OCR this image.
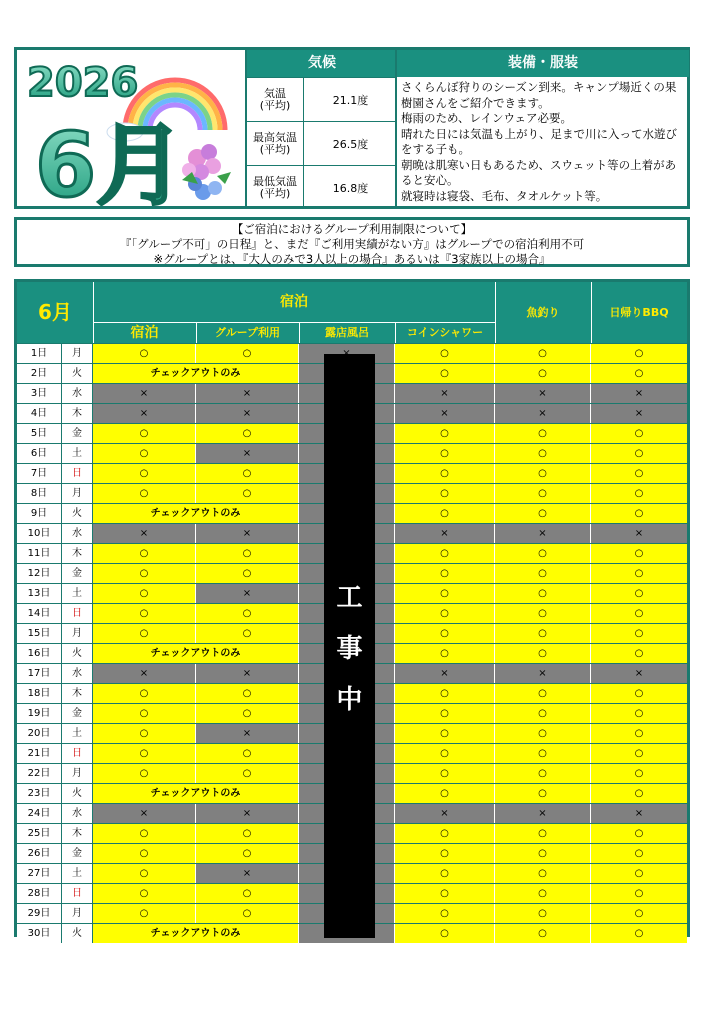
2026
6月
気候
気温
(平均)	21.1度
最高気温
(平均)	26.5度
最低気温
(平均)	16.8度
装備・服装
さくらんぼ狩りのシーズン到来。キャンプ場近くの果樹園さんをご紹介できます。
梅雨のため、レインウェア必要。
晴れた日には気温も上がり、足まで川に入って水遊びをする子も。
朝晩は肌寒い日もあるため、スウェット等の上着があると安心。
就寝時は寝袋、毛布、タオルケット等。
【ご宿泊におけるグループ利用制限について】
『「グループ不可」の日程』と、まだ『ご利用実績がない方』はグループでの宿泊利用不可
※グループとは、『大人のみで3人以上の場合』あるいは『3家族以上の場合』
6月	宿泊
宿泊	グループ利用	露店風呂	コインシャワー
魚釣り	日帰りBBQ
1日	月	○	○	○	○	○
2日	火	チェックアウトのみ	○	○	○
3日	水	×	×	×	×	×
4日	木	×	×	×	×	×
5日	金	○	○	○	○	○
6日	土	○	×	○	○	○
7日	日	○	○	○	○	○
8日	月	○	○	○	○	○
9日	火	チェックアウトのみ	○	○	○
10日	水	×	×	×	×	×
11日	木	○	○	○	○	○
12日	金	○	○	○	○	○
13日	土	○	×	○	○	○
14日	日	○	○	○	○	○
15日	月	○	○	○	○	○
16日	火	チェックアウトのみ	○	○	○
17日	水	×	×	×	×	×
18日	木	○	○	○	○	○
19日	金	○	○	○	○	○
20日	土	○	×	○	○	○
21日	日	○	○	○	○	○
22日	月	○	○	○	○	○
23日	火	チェックアウトのみ	○	○	○
24日	水	×	×	×	×	×
25日	木	○	○	○	○	○
26日	金	○	○	○	○	○
27日	土	○	×	○	○	○
28日	日	○	○	○	○	○
29日	月	○	○	○	○	○
30日	火	チェックアウトのみ	○	○	○
工
事
中
